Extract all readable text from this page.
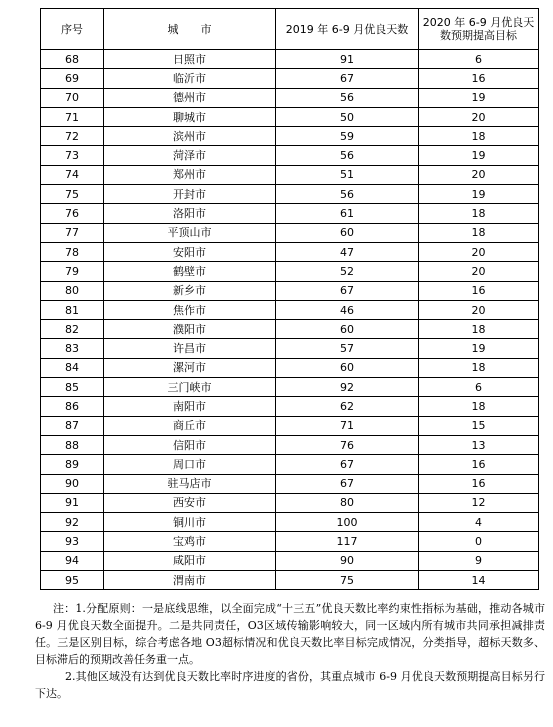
序号	城　　市	2019 年 6-9 月优良天数	2020 年 6-9 月优良天数预期提高目标
68	日照市	91	6
69	临沂市	67	16
70	德州市	56	19
71	聊城市	50	20
72	滨州市	59	18
73	菏泽市	56	19
74	郑州市	51	20
75	开封市	56	19
76	洛阳市	61	18
77	平顶山市	60	18
78	安阳市	47	20
79	鹤壁市	52	20
80	新乡市	67	16
81	焦作市	46	20
82	濮阳市	60	18
83	许昌市	57	19
84	漯河市	60	18
85	三门峡市	92	6
86	南阳市	62	18
87	商丘市	71	15
88	信阳市	76	13
89	周口市	67	16
90	驻马店市	67	16
91	西安市	80	12
92	铜川市	100	4
93	宝鸡市	117	0
94	咸阳市	90	9
95	渭南市	75	14

注：1.分配原则：一是底线思维，以全面完成“十三五”优良天数比率约束性指标为基础，推动各城市 6-9 月优良天数全面提升。二是共同责任，O3区域传输影响较大，同一区域内所有城市共同承担减排责任。三是区别目标，综合考虑各地 O3超标情况和优良天数比率目标完成情况，分类指导，超标天数多、目标滞后的预期改善任务重一点。

2.其他区域没有达到优良天数比率时序进度的省份，其重点城市 6-9 月优良天数预期提高目标另行下达。
